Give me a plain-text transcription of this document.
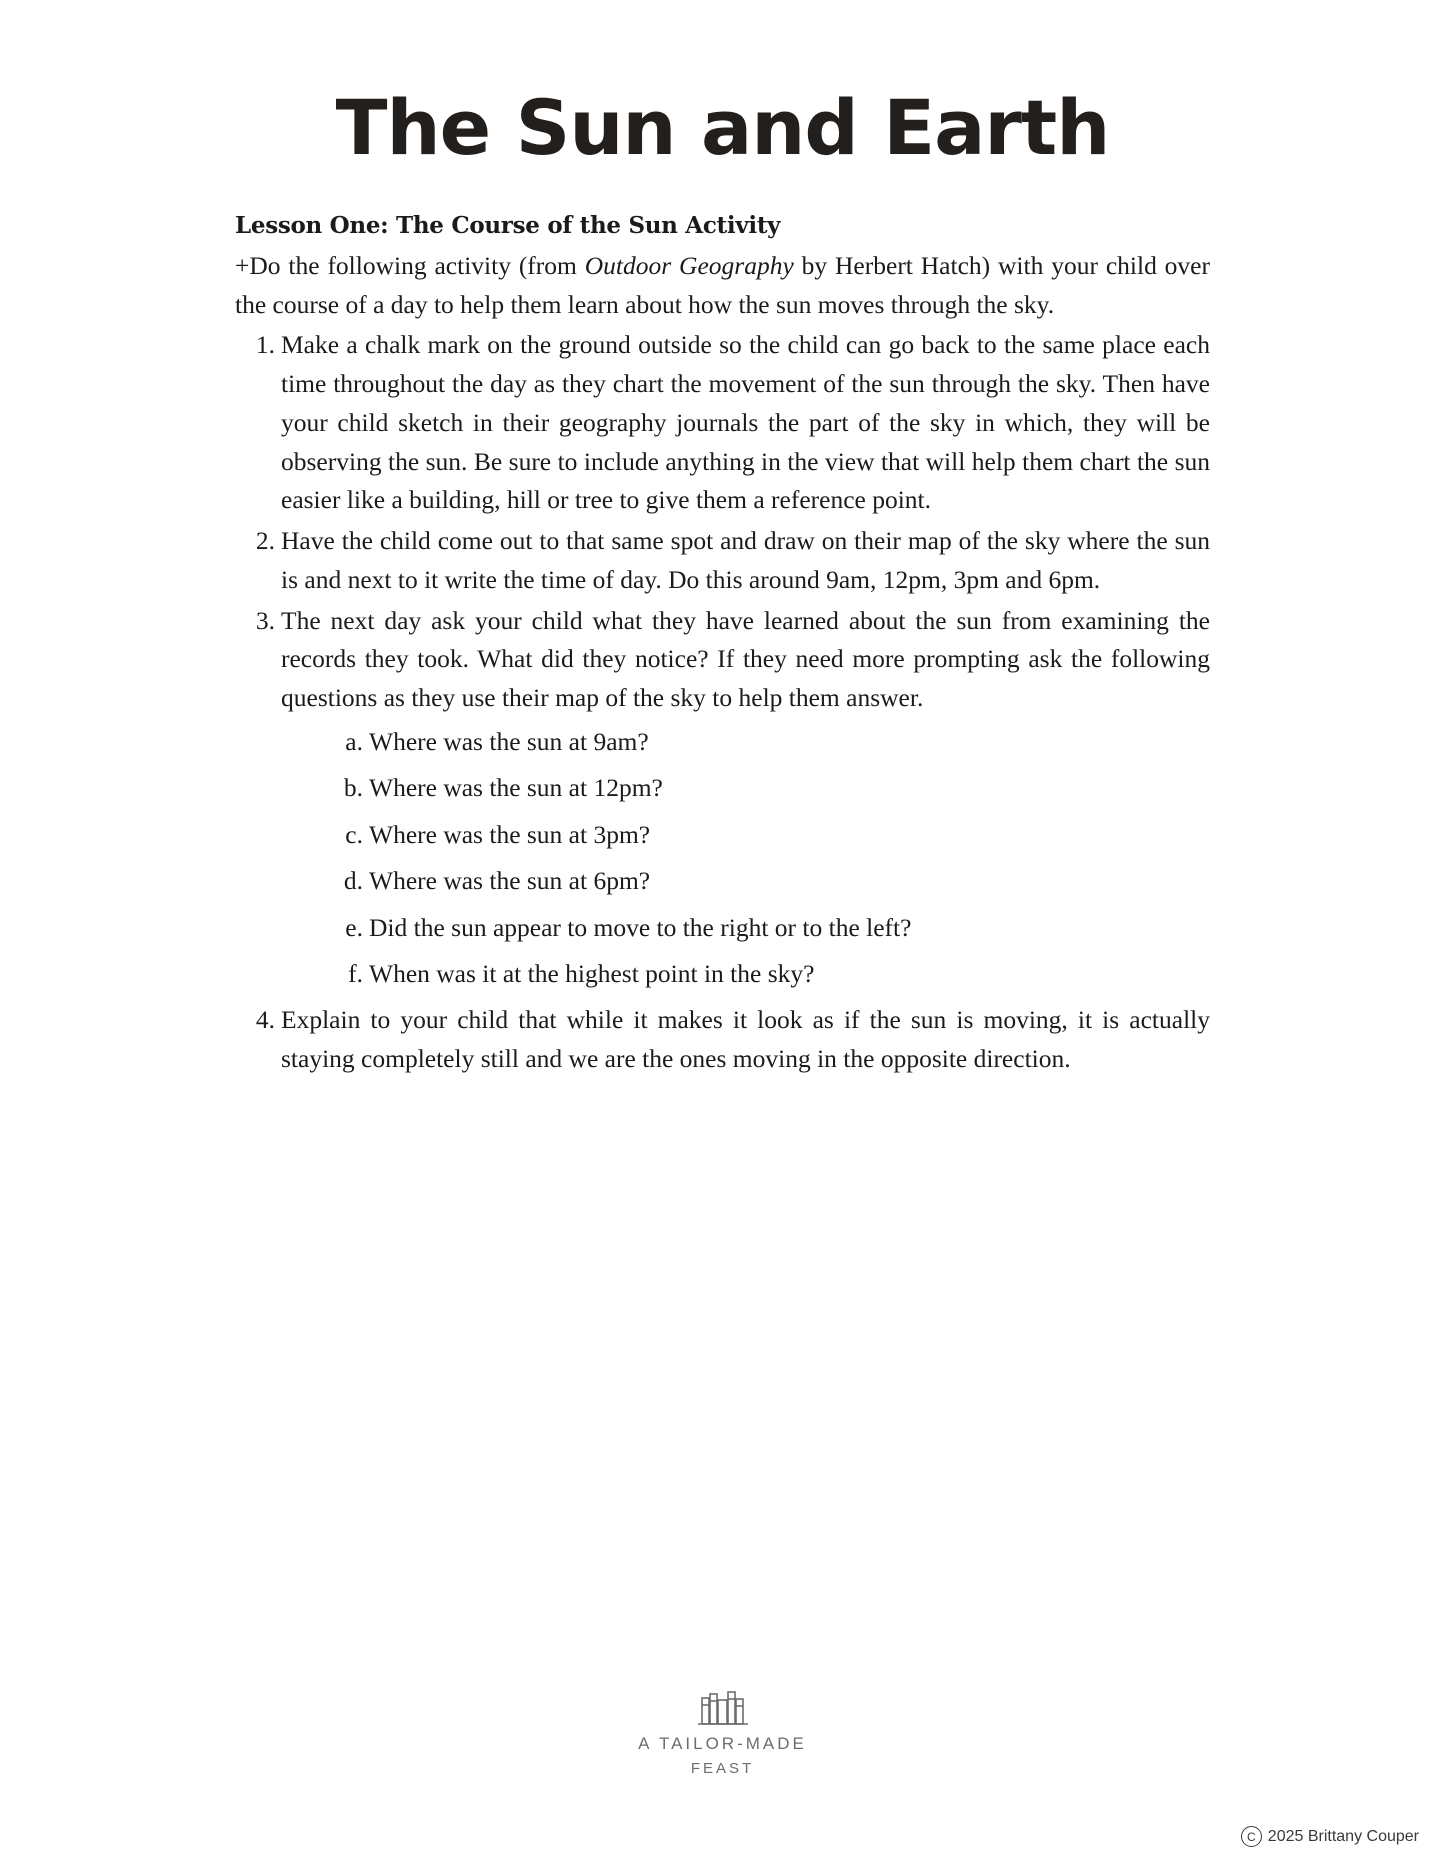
The Sun and Earth
Lesson One: The Course of the Sun Activity

+Do the following activity (from Outdoor Geography by Herbert Hatch) with your child over the course of a day to help them learn about how the sun moves through the sky.

1. Make a chalk mark on the ground outside so the child can go back to the same place each time throughout the day as they chart the movement of the sun through the sky. Then have your child sketch in their geography journals the part of the sky in which, they will be observing the sun. Be sure to include anything in the view that will help them chart the sun easier like a building, hill or tree to give them a reference point.
2. Have the child come out to that same spot and draw on their map of the sky where the sun is and next to it write the time of day. Do this around 9am, 12pm, 3pm and 6pm.
3. The next day ask your child what they have learned about the sun from examining the records they took. What did they notice? If they need more prompting ask the following questions as they use their map of the sky to help them answer.
a. Where was the sun at 9am?
b. Where was the sun at 12pm?
c. Where was the sun at 3pm?
d. Where was the sun at 6pm?
e. Did the sun appear to move to the right or to the left?
f. When was it at the highest point in the sky?
4. Explain to your child that while it makes it look as if the sun is moving, it is actually staying completely still and we are the ones moving in the opposite direction.
A TAILOR-MADE
FEAST
C 2025 Brittany Couper
